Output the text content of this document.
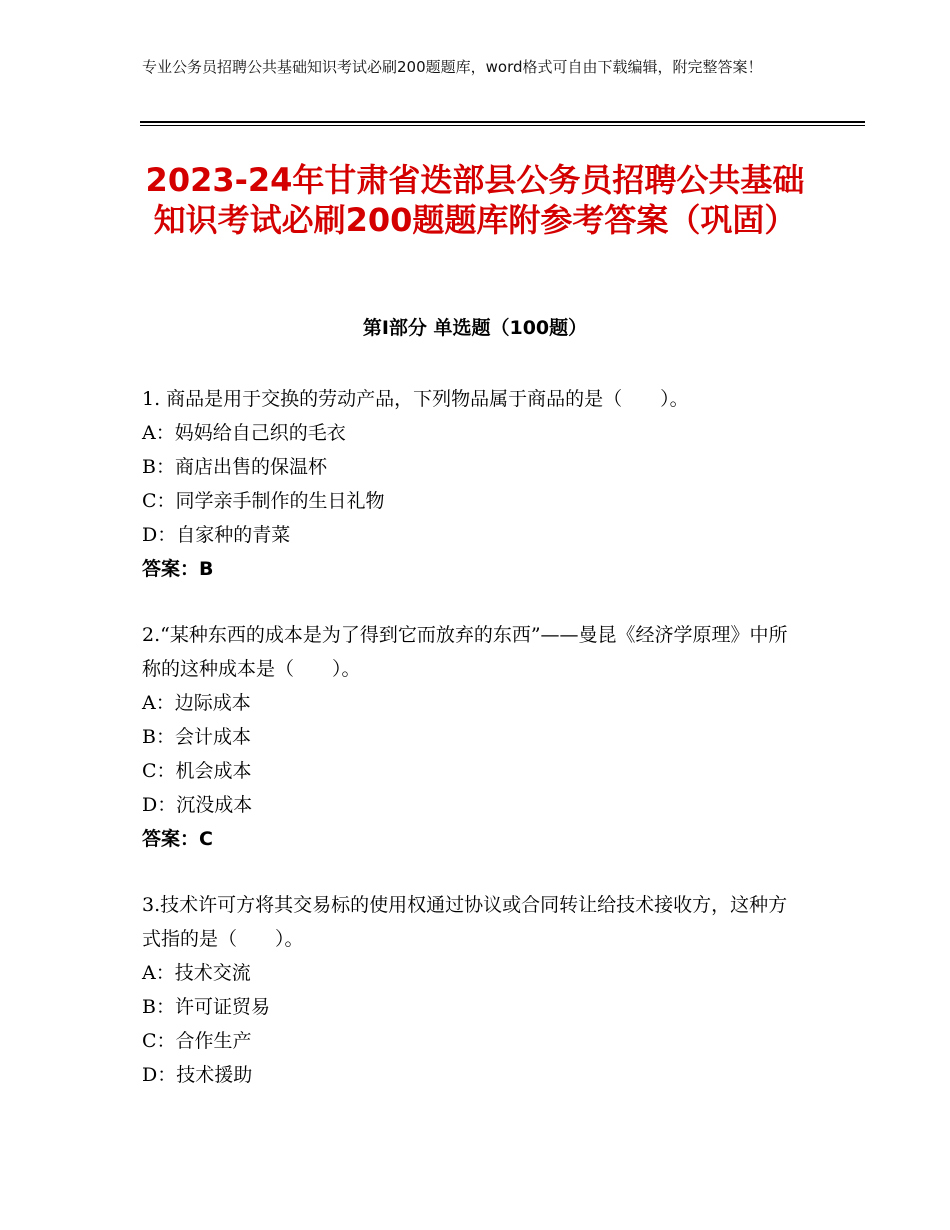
专业公务员招聘公共基础知识考试必刷200题题库，word格式可自由下载编辑，附完整答案！
2023-24年甘肃省迭部县公务员招聘公共基础知识考试必刷200题题库附参考答案（巩固）
第Ⅰ部分 单选题（100题）

1. 商品是用于交换的劳动产品，下列物品属于商品的是（　　）。

A：妈妈给自己织的毛衣

B：商店出售的保温杯

C：同学亲手制作的生日礼物

D：自家种的青菜

答案：B

2.“某种东西的成本是为了得到它而放弃的东西”——曼昆《经济学原理》中所称的这种成本是（　　）。

A：边际成本

B：会计成本

C：机会成本

D：沉没成本

答案：C

3.技术许可方将其交易标的使用权通过协议或合同转让给技术接收方，这种方式指的是（　　）。

A：技术交流

B：许可证贸易

C：合作生产

D：技术援助
